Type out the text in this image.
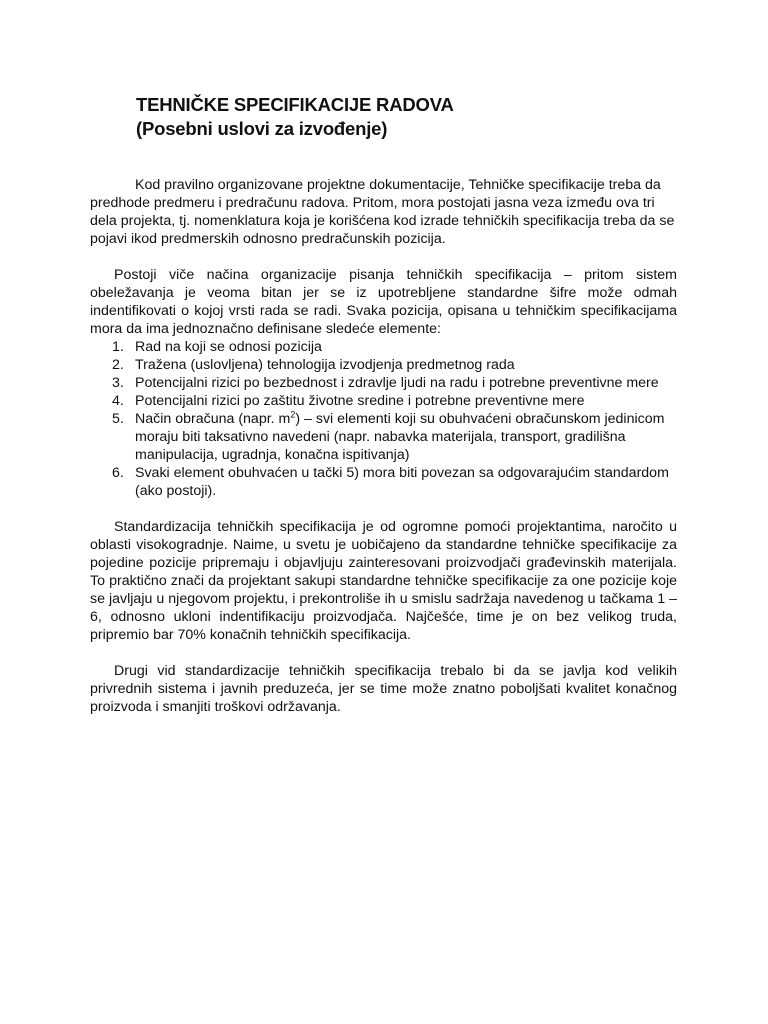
TEHNIČKE SPECIFIKACIJE RADOVA
(Posebni uslovi za izvođenje)

Kod pravilno organizovane projektne dokumentacije, Tehničke specifikacije treba da predhode predmeru i predračunu radova. Pritom, mora postojati jasna veza između ova tri dela projekta, tj. nomenklatura koja je korišćena kod izrade tehničkih specifikacija treba da se pojavi ikod predmerskih odnosno predračunskih pozicija.

Postoji viče načina organizacije pisanja tehničkih specifikacija – pritom sistem obeležavanja je veoma bitan jer se iz upotrebljene standardne šifre može odmah indentifikovati o kojoj vrsti rada se radi. Svaka pozicija, opisana u tehničkim specifikacijama mora da ima jednoznačno definisane sledeće elemente:

1. Rad na koji se odnosi pozicija
2. Tražena (uslovljena) tehnologija izvodjenja predmetnog rada
3. Potencijalni rizici po bezbednost i zdravlje ljudi na radu i potrebne preventivne mere
4. Potencijalni rizici po zaštitu životne sredine i potrebne preventivne mere
5. Način obračuna (napr. $m^2$) – svi elementi koji su obuhvaćeni obračunskom jedinicom moraju biti taksativno navedeni (napr. nabavka materijala, transport, gradilišna manipulacija, ugradnja, konačna ispitivanja)
6. Svaki element obuhvaćen u tački 5) mora biti povezan sa odgovarajućim standardom (ako postoji).

Standardizacija tehničkih specifikacija je od ogromne pomoći projektantima, naročito u oblasti visokogradnje. Naime, u svetu je uobičajeno da standardne tehničke specifikacije za pojedine pozicije pripremaju i objavljuju zainteresovani proizvodjači građevinskih materijala. To praktično znači da projektant sakupi standardne tehničke specifikacije za one pozicije koje se javljaju u njegovom projektu, i prekontroliše ih u smislu sadržaja navedenog u tačkama 1 – 6, odnosno ukloni indentifikaciju proizvodjača. Najčešće, time je on bez velikog truda, pripremio bar 70% konačnih tehničkih specifikacija.

Drugi vid standardizacije tehničkih specifikacija trebalo bi da se javlja kod velikih privrednih sistema i javnih preduzeća, jer se time može znatno poboljšati kvalitet konačnog proizvoda i smanjiti troškovi održavanja.
